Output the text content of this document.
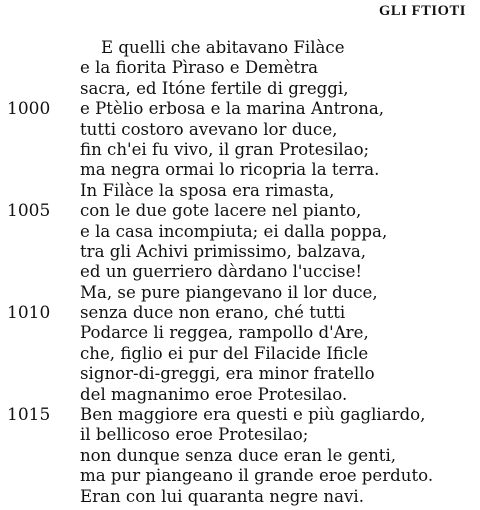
GLI FTIOTI
E quelli che abitavano Filàce
e la fiorita Pìraso e Demètra
sacra, ed Itóne fertile di greggi,
1000 e Ptèlio erbosa e la marina Antrona,
tutti costoro avevano lor duce,
fin ch'ei fu vivo, il gran Protesilao;
ma negra ormai lo ricopria la terra.
In Filàce la sposa era rimasta,
1005 con le due gote lacere nel pianto,
e la casa incompiuta; ei dalla poppa,
tra gli Achivi primissimo, balzava,
ed un guerriero dàrdano l'uccise!
Ma, se pure piangevano il lor duce,
1010 senza duce non erano, ché tutti
Podarce li reggea, rampollo d'Are,
che, figlio ei pur del Filacide Ificle
signor-di-greggi, era minor fratello
del magnanimo eroe Protesilao.
1015 Ben maggiore era questi e più gagliardo,
il bellicoso eroe Protesilao;
non dunque senza duce eran le genti,
ma pur piangeano il grande eroe perduto.
Eran con lui quaranta negre navi.
